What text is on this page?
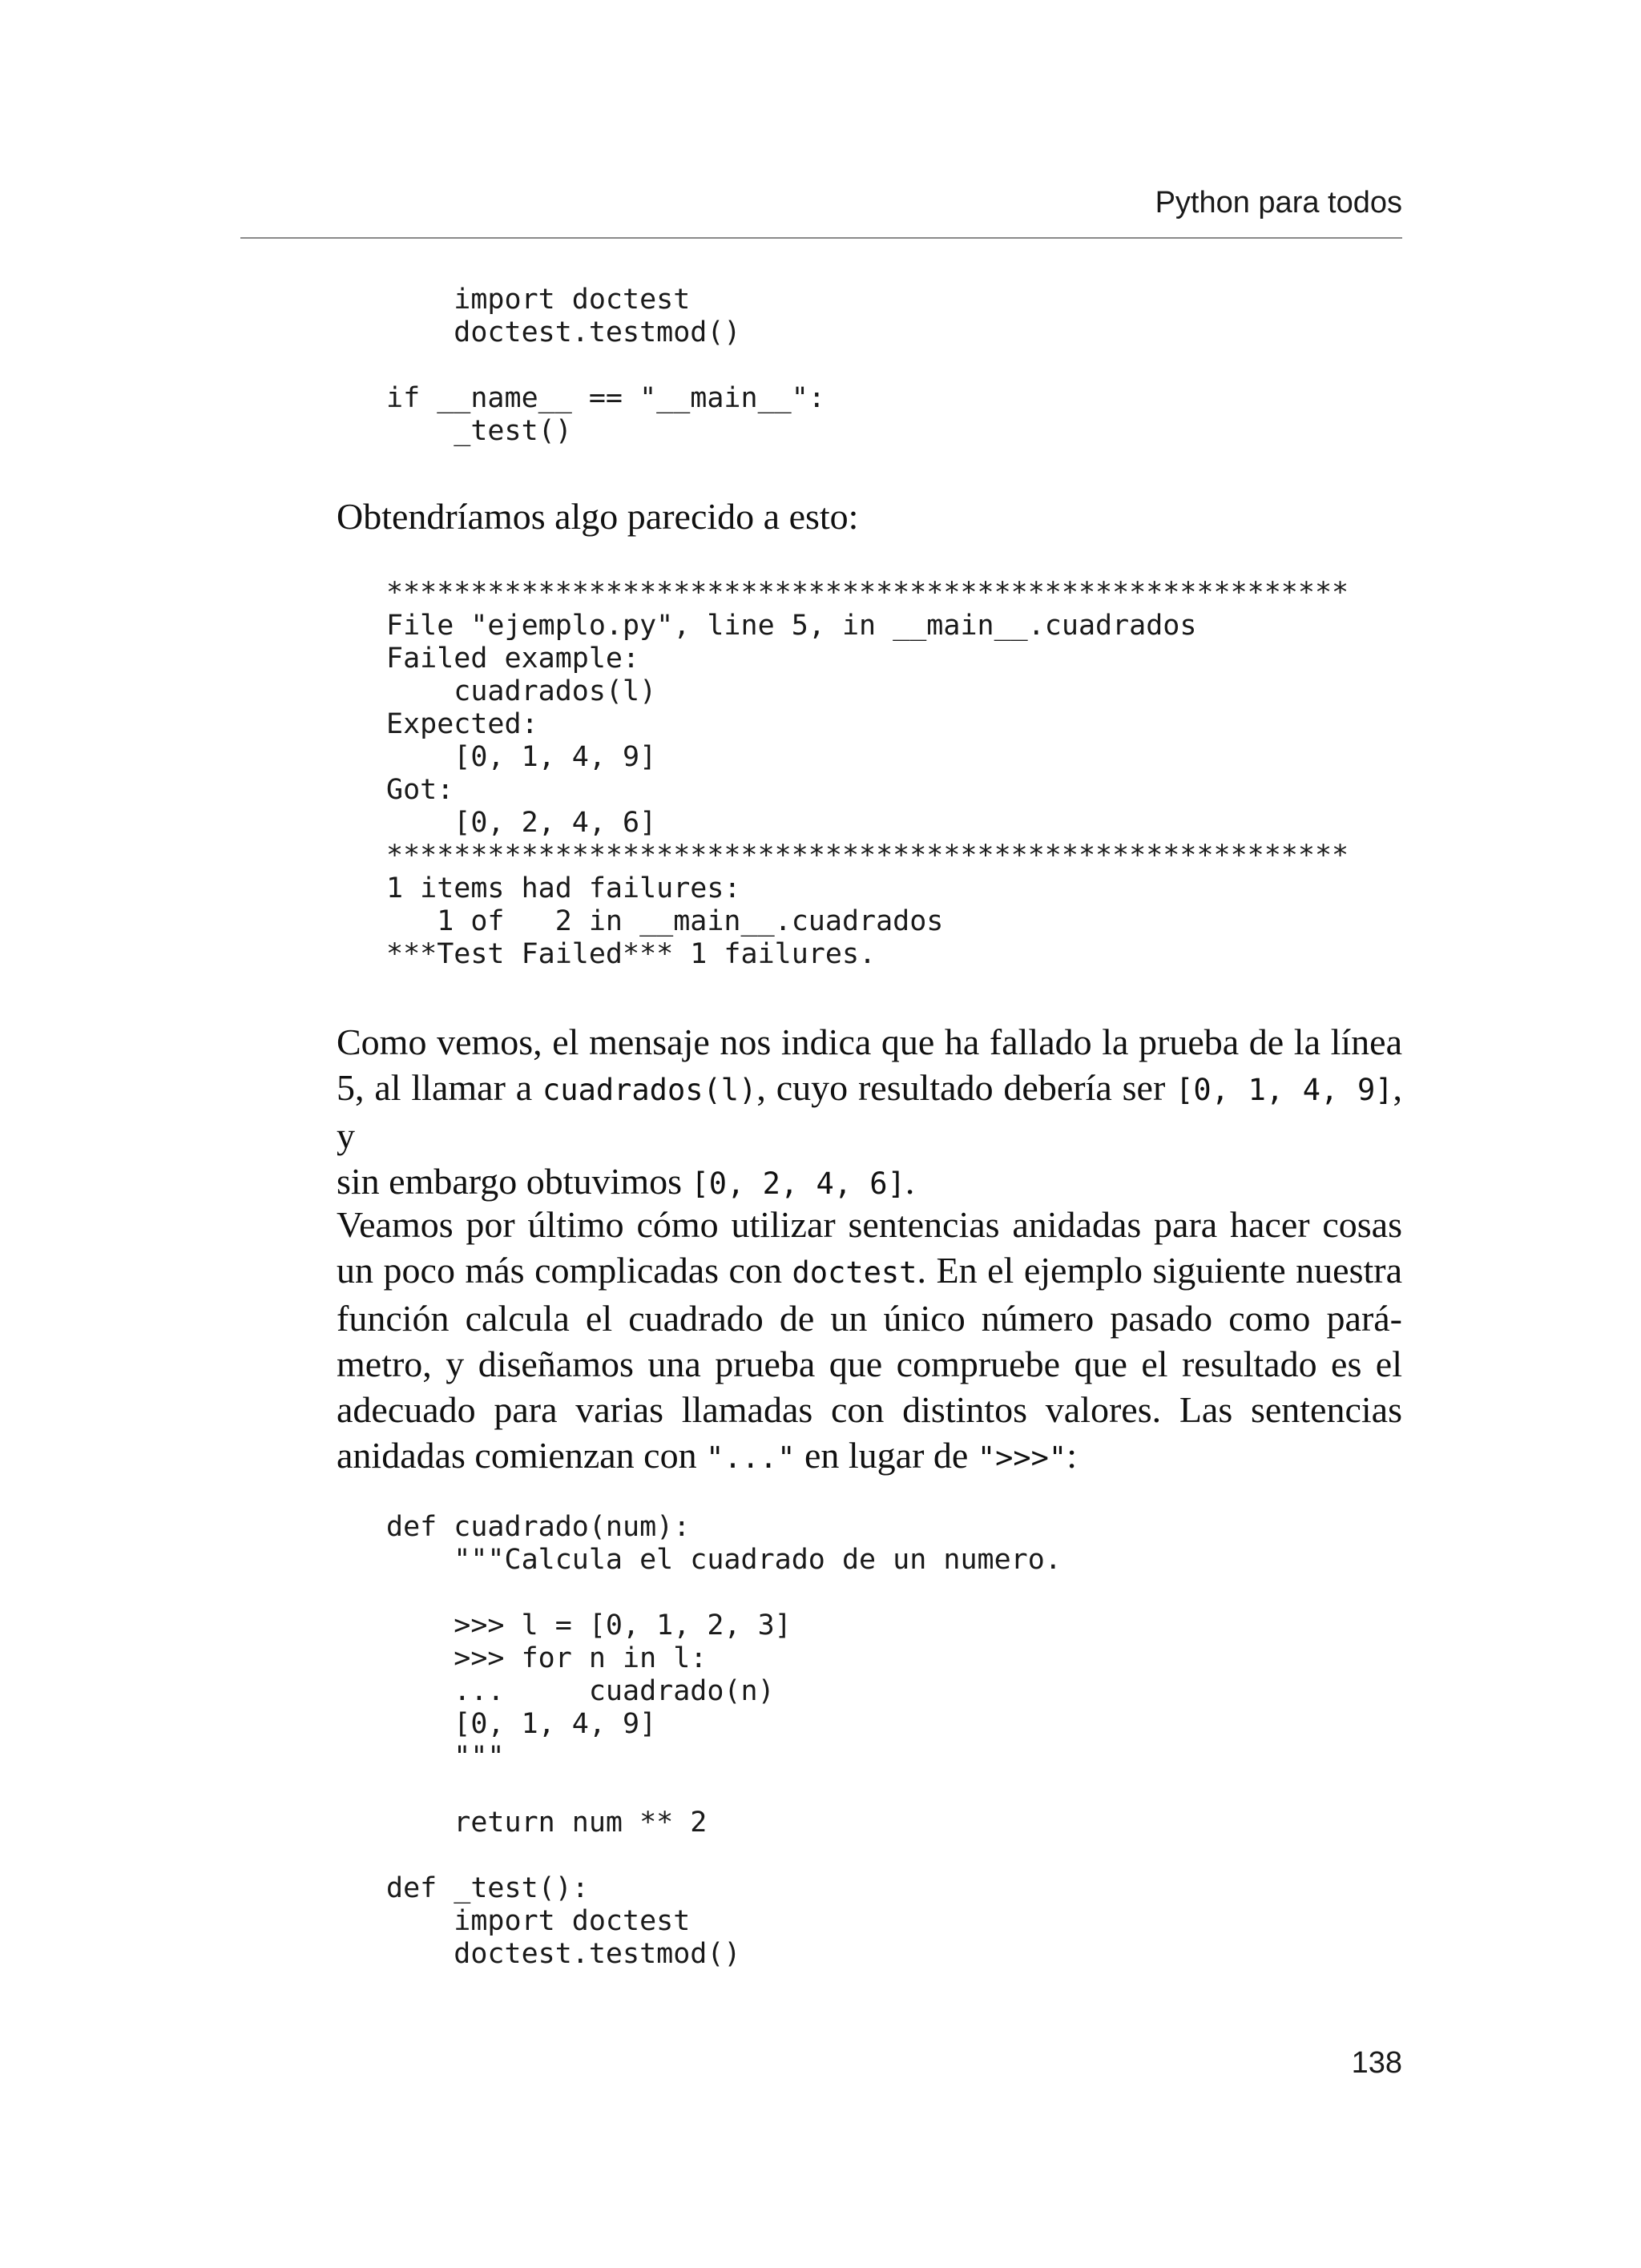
Python para todos
import doctest
doctest.testmod()

if __name__ == "__main__":
_test()

Obtendríamos algo parecido a esto:

*********************************************************
File "ejemplo.py", line 5, in __main__.cuadrados
Failed example:
cuadrados(l)
Expected:
[0, 1, 4, 9]
Got:
[0, 2, 4, 6]
*********************************************************
1 items had failures:
1 of   2 in __main__.cuadrados
***Test Failed*** 1 failures.

Como vemos, el mensaje nos indica que ha fallado la prueba de la línea
5, al llamar a cuadrados(l), cuyo resultado debería ser [0, 1, 4, 9], y
sin embargo obtuvimos [0, 2, 4, 6].

Veamos por último cómo utilizar sentencias anidadas para hacer cosas
un poco más complicadas con doctest. En el ejemplo siguiente nuestra
función calcula el cuadrado de un único número pasado como pará-
metro, y diseñamos una prueba que compruebe que el resultado es el
adecuado para varias llamadas con distintos valores. Las sentencias
anidadas comienzan con "..." en lugar de ">>>":

def cuadrado(num):
"""Calcula el cuadrado de un numero.

>>> l = [0, 1, 2, 3]
>>> for n in l:
...     cuadrado(n)
[0, 1, 4, 9]
"""

return num ** 2

def _test():
import doctest
doctest.testmod()
138
